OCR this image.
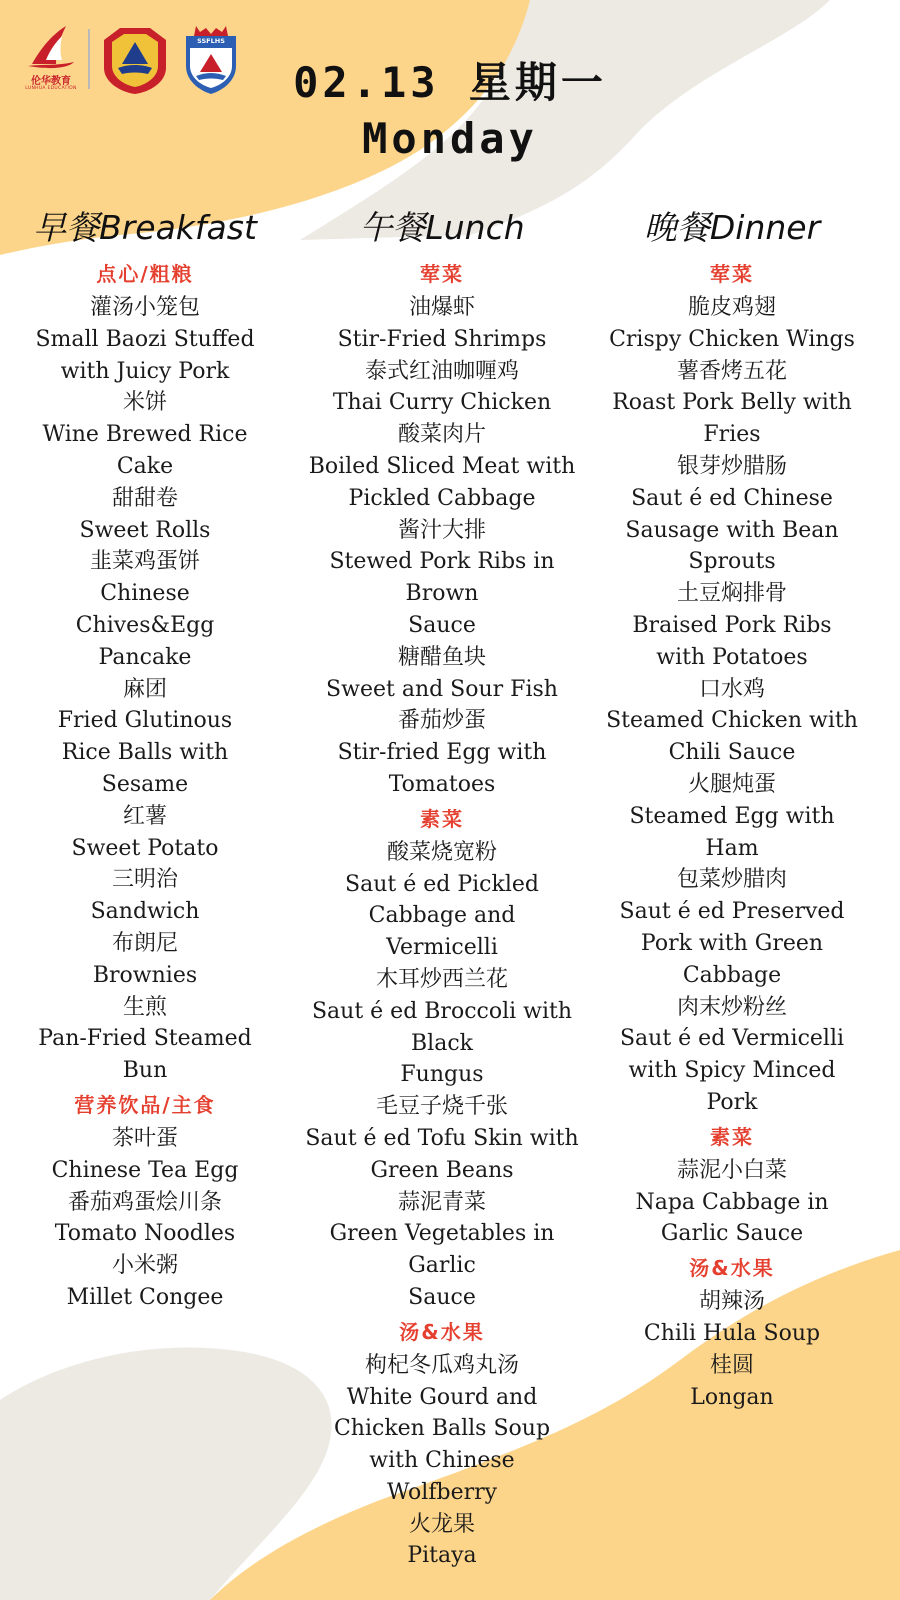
伦华教育
LUNHUA EDUCATION
SSFLHS
02.13 星期一
Monday
早餐Breakfast
点心/粗粮
灌汤小笼包
Small Baozi Stuffed
with Juicy Pork
米饼
Wine Brewed Rice
Cake
甜甜卷
Sweet Rolls
韭菜鸡蛋饼
Chinese
Chives&Egg
Pancake
麻团
Fried Glutinous
Rice Balls with
Sesame
红薯
Sweet Potato
三明治
Sandwich
布朗尼
Brownies
生煎
Pan-Fried Steamed
Bun
营养饮品/主食
茶叶蛋
Chinese Tea Egg
番茄鸡蛋烩川条
Tomato Noodles
小米粥
Millet Congee
午餐Lunch
荤菜
油爆虾
Stir-Fried Shrimps
泰式红油咖喱鸡
Thai Curry Chicken
酸菜肉片
Boiled Sliced Meat with
Pickled Cabbage
酱汁大排
Stewed Pork Ribs in Brown
Sauce
糖醋鱼块
Sweet and Sour Fish
番茄炒蛋
Stir-fried Egg with Tomatoes
素菜
酸菜烧宽粉
Saut é ed Pickled Cabbage and
Vermicelli
木耳炒西兰花
Saut é ed Broccoli with Black
Fungus
毛豆子烧千张
Saut é ed Tofu Skin with
Green Beans
蒜泥青菜
Green Vegetables in Garlic
Sauce
汤&水果
枸杞冬瓜鸡丸汤
White Gourd and
Chicken Balls Soup
with Chinese
Wolfberry
火龙果
Pitaya
晚餐Dinner
荤菜
脆皮鸡翅
Crispy Chicken Wings
薯香烤五花
Roast Pork Belly with
Fries
银芽炒腊肠
Saut é ed Chinese
Sausage with Bean
Sprouts
土豆焖排骨
Braised Pork Ribs
with Potatoes
口水鸡
Steamed Chicken with
Chili Sauce
火腿炖蛋
Steamed Egg with
Ham
包菜炒腊肉
Saut é ed Preserved
Pork with Green
Cabbage
肉末炒粉丝
Saut é ed Vermicelli
with Spicy Minced
Pork
素菜
蒜泥小白菜
Napa Cabbage in
Garlic Sauce
汤&水果
胡辣汤
Chili Hula Soup
桂圆
Longan
